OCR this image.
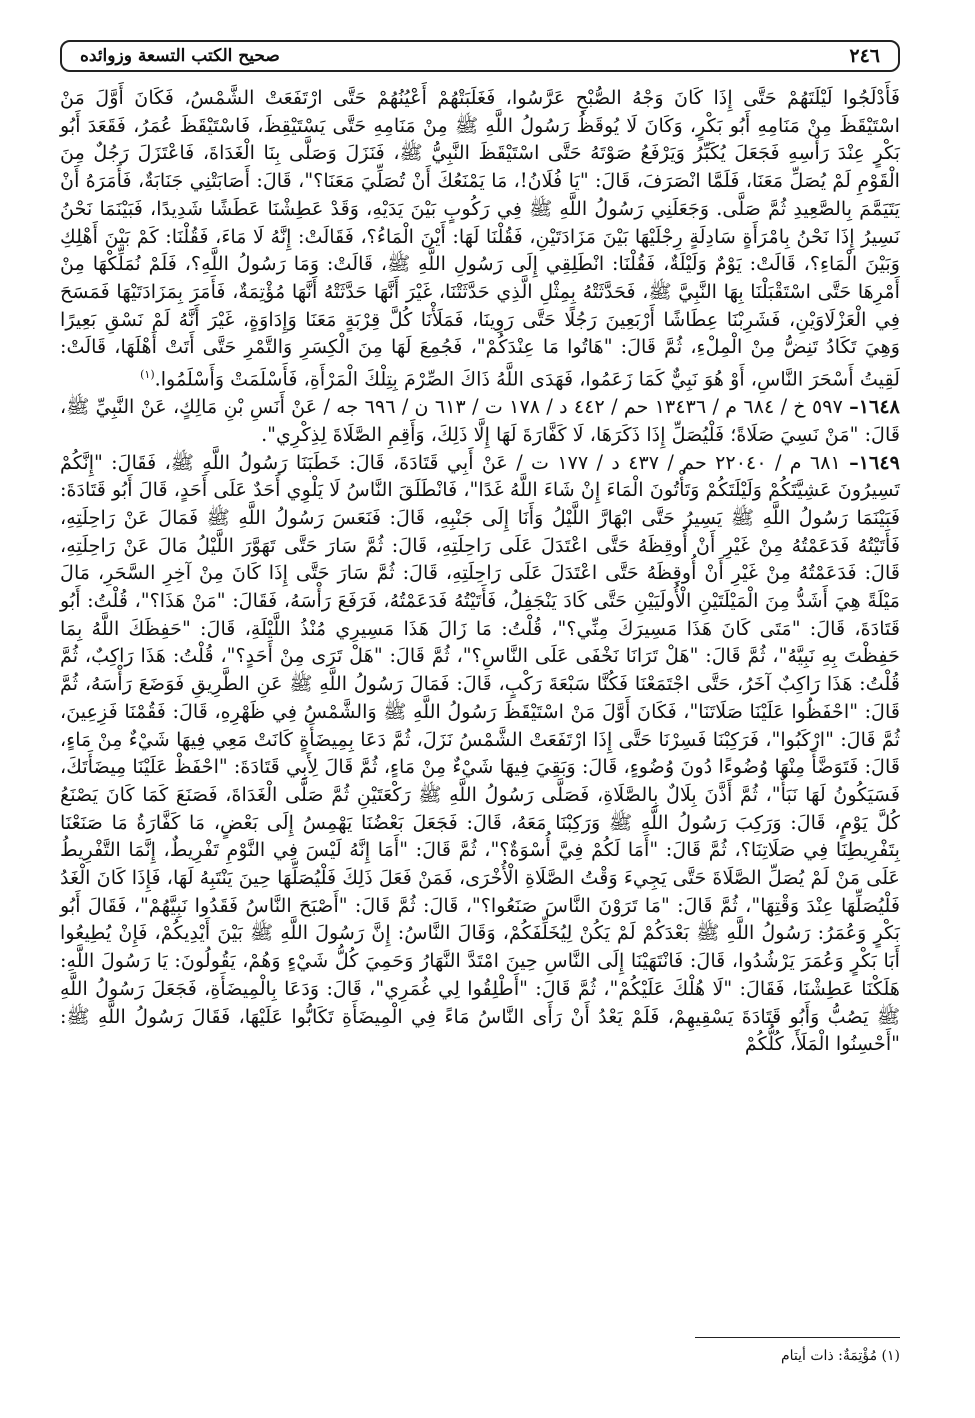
٢٤٦
صحيح الكتب التسعة وزوائده

فَأَدْلَجُوا لَيْلَتَهُمْ حَتَّى إِذَا كَانَ وَجْهُ الصُّبْحِ عَرَّسُوا، فَغَلَبَتْهُمْ أَعْيُنُهُمْ حَتَّى ارْتَفَعَتْ الشَّمْسُ، فَكَانَ أَوَّلَ مَنْ اسْتَيْقَظَ مِنْ مَنَامِهِ أَبُو بَكْرٍ، وَكَانَ لَا يُوقَظُ رَسُولُ اللَّهِ ﷺ مِنْ مَنَامِهِ حَتَّى يَسْتَيْقِظَ، فَاسْتَيْقَظَ عُمَرُ، فَقَعَدَ أَبُو بَكْرٍ عِنْدَ رَأْسِهِ فَجَعَلَ يُكَبِّرُ وَيَرْفَعُ صَوْتَهُ حَتَّى اسْتَيْقَظَ النَّبِيُّ ﷺ، فَنَزَلَ وَصَلَّى بِنَا الْغَدَاةَ، فَاعْتَزَلَ رَجُلٌ مِنَ الْقَوْمِ لَمْ يُصَلِّ مَعَنَا، فَلَمَّا انْصَرَفَ، قَالَ: "يَا فُلَانُ!، مَا يَمْنَعُكَ أَنْ تُصَلِّيَ مَعَنَا؟"، قَالَ: أَصَابَتْنِي جَنَابَةٌ، فَأَمَرَهُ أَنْ يَتَيَمَّمَ بِالصَّعِيدِ ثُمَّ صَلَّى. وَجَعَلَنِي رَسُولُ اللَّهِ ﷺ فِي رَكُوبٍ بَيْنَ يَدَيْهِ، وَقَدْ عَطِشْنَا عَطَشًا شَدِيدًا، فَبَيْنَمَا نَحْنُ نَسِيرُ إِذَا نَحْنُ بِامْرَأَةٍ سَادِلَةٍ رِجْلَيْهَا بَيْنَ مَزَادَتَيْنِ، فَقُلْنَا لَهَا: أَيْنَ الْمَاءُ؟، فَقَالَتْ: إِنَّهُ لَا مَاءَ، فَقُلْنَا: كَمْ بَيْنَ أَهْلِكِ وَبَيْنَ الْمَاءِ؟، قَالَتْ: يَوْمٌ وَلَيْلَةٌ، فَقُلْنَا: انْطَلِقِي إِلَى رَسُولِ اللَّهِ ﷺ، قَالَتْ: وَمَا رَسُولُ اللَّهِ؟، فَلَمْ نُمَلِّكْهَا مِنْ أَمْرِهَا حَتَّى اسْتَقْبَلْنَا بِهَا النَّبِيَّ ﷺ، فَحَدَّثَتْهُ بِمِثْلِ الَّذِي حَدَّثَتْنَا، غَيْرَ أَنَّهَا حَدَّثَتْهُ أَنَّهَا مُؤْتِمَةٌ، فَأَمَرَ بِمَزَادَتَيْهَا فَمَسَحَ فِي الْعَزْلَاوَيْنِ، فَشَرِبْنَا عِطَاشًا أَرْبَعِينَ رَجُلًا حَتَّى رَوِينَا، فَمَلَأْنَا كُلَّ قِرْبَةٍ مَعَنَا وَإِدَاوَةٍ، غَيْرَ أَنَّهُ لَمْ نَسْقِ بَعِيرًا وَهِيَ تَكَادُ تَنِضُّ مِنْ الْمِلْءِ، ثُمَّ قَالَ: "هَاتُوا مَا عِنْدَكُمْ"، فَجُمِعَ لَهَا مِنَ الْكِسَرِ وَالتَّمْرِ حَتَّى أَتَتْ أَهْلَهَا، قَالَتْ: لَقِيتُ أَسْحَرَ النَّاسِ، أَوْ هُوَ نَبِيٌّ كَمَا زَعَمُوا، فَهَدَى اللَّهُ ذَاكَ الصِّرْمَ بِتِلْكَ الْمَرْأَةِ، فَأَسْلَمَتْ وَأَسْلَمُوا.$^{(١)}$

١٦٤٨– ٥٩٧ خ / ٦٨٤ م / ١٣٤٣٦ حم / ٤٤٢ د / ١٧٨ ت / ٦١٣ ن / ٦٩٦ جه / عَنْ أَنَسِ بْنِ مَالِكٍ، عَنْ النَّبِيِّ ﷺ، قَالَ: "مَنْ نَسِيَ صَلَاةً؛ فَلْيُصَلِّ إِذَا ذَكَرَهَا، لَا كَفَّارَةَ لَهَا إِلَّا ذَلِكَ، وَأَقِمِ الصَّلَاةَ لِذِكْرِي".

١٦٤٩– ٦٨١ م / ٢٢٠٤٠ حم / ٤٣٧ د / ١٧٧ ت / عَنْ أَبِي قَتَادَةَ، قَالَ: خَطَبَنَا رَسُولُ اللَّهِ ﷺ، فَقَالَ: "إِنَّكُمْ تَسِيرُونَ عَشِيَّتَكُمْ وَلَيْلَتَكُمْ وَتَأْتُونَ الْمَاءَ إِنْ شَاءَ اللَّهُ غَدًا"، فَانْطَلَقَ النَّاسُ لَا يَلْوِي أَحَدٌ عَلَى أَحَدٍ، قَالَ أَبُو قَتَادَةَ: فَبَيْنَمَا رَسُولُ اللَّهِ ﷺ يَسِيرُ حَتَّى ابْهَارَّ اللَّيْلُ وَأَنَا إِلَى جَنْبِهِ، قَالَ: فَنَعَسَ رَسُولُ اللَّهِ ﷺ فَمَالَ عَنْ رَاحِلَتِهِ، فَأَتَيْتُهُ فَدَعَمْتُهُ مِنْ غَيْرِ أَنْ أُوقِظَهُ حَتَّى اعْتَدَلَ عَلَى رَاحِلَتِهِ، قَالَ: ثُمَّ سَارَ حَتَّى تَهَوَّرَ اللَّيْلُ مَالَ عَنْ رَاحِلَتِهِ، قَالَ: فَدَعَمْتُهُ مِنْ غَيْرِ أَنْ أُوقِظَهُ حَتَّى اعْتَدَلَ عَلَى رَاحِلَتِهِ، قَالَ: ثُمَّ سَارَ حَتَّى إِذَا كَانَ مِنْ آخِرِ السَّحَرِ، مَالَ مَيْلَةً هِيَ أَشَدُّ مِنَ الْمَيْلَتَيْنِ الْأُولَيَيْنِ حَتَّى كَادَ يَنْجَفِلُ، فَأَتَيْتُهُ فَدَعَمْتُهُ، فَرَفَعَ رَأْسَهُ، فَقَالَ: "مَنْ هَذَا؟"، قُلْتُ: أَبُو قَتَادَةَ، قَالَ: "مَتَى كَانَ هَذَا مَسِيرَكَ مِنِّي؟"، قُلْتُ: مَا زَالَ هَذَا مَسِيرِي مُنْذُ اللَّيْلَةِ، قَالَ: "حَفِظَكَ اللَّهُ بِمَا حَفِظْتَ بِهِ نَبِيَّهُ"، ثُمَّ قَالَ: "هَلْ تَرَانَا نَخْفَى عَلَى النَّاسِ؟"، ثُمَّ قَالَ: "هَلْ تَرَى مِنْ أَحَدٍ؟"، قُلْتُ: هَذَا رَاكِبٌ، ثُمَّ قُلْتُ: هَذَا رَاكِبٌ آخَرُ، حَتَّى اجْتَمَعْنَا فَكُنَّا سَبْعَةَ رَكْبٍ، قَالَ: فَمَالَ رَسُولُ اللَّهِ ﷺ عَنِ الطَّرِيقِ فَوَضَعَ رَأْسَهُ، ثُمَّ قَالَ: "احْفَظُوا عَلَيْنَا صَلَاتَنَا"، فَكَانَ أَوَّلَ مَنْ اسْتَيْقَظَ رَسُولُ اللَّهِ ﷺ وَالشَّمْسُ فِي ظَهْرِهِ، قَالَ: فَقُمْنَا فَزِعِينَ، ثُمَّ قَالَ: "ارْكَبُوا"، فَرَكِبْنَا فَسِرْنَا حَتَّى إِذَا ارْتَفَعَتْ الشَّمْسُ نَزَلَ، ثُمَّ دَعَا بِمِيضَأَةٍ كَانَتْ مَعِي فِيهَا شَيْءٌ مِنْ مَاءٍ، قَالَ: فَتَوَضَّأَ مِنْهَا وُضُوءًا دُونَ وُضُوءٍ، قَالَ: وَبَقِيَ فِيهَا شَيْءٌ مِنْ مَاءٍ، ثُمَّ قَالَ لِأَبِي قَتَادَةَ: "احْفَظْ عَلَيْنَا مِيضَأَتَكَ، فَسَيَكُونُ لَهَا نَبَأٌ"، ثُمَّ أَذَّنَ بِلَالٌ بِالصَّلَاةِ، فَصَلَّى رَسُولُ اللَّهِ ﷺ رَكْعَتَيْنِ ثُمَّ صَلَّى الْغَدَاةَ، فَصَنَعَ كَمَا كَانَ يَصْنَعُ كُلَّ يَوْمٍ، قَالَ: وَرَكِبَ رَسُولُ اللَّهِ ﷺ وَرَكِبْنَا مَعَهُ، قَالَ: فَجَعَلَ بَعْضُنَا يَهْمِسُ إِلَى بَعْضٍ، مَا كَفَّارَةُ مَا صَنَعْنَا بِتَفْرِيطِنَا فِي صَلَاتِنَا؟، ثُمَّ قَالَ: "أَمَا لَكُمْ فِيَّ أُسْوَةٌ؟"، ثُمَّ قَالَ: "أَمَا إِنَّهُ لَيْسَ فِي النَّوْمِ تَفْرِيطٌ، إِنَّمَا التَّفْرِيطُ عَلَى مَنْ لَمْ يُصَلِّ الصَّلَاةَ حَتَّى يَجِيءَ وَقْتُ الصَّلَاةِ الْأُخْرَى، فَمَنْ فَعَلَ ذَلِكَ فَلْيُصَلِّهَا حِينَ يَنْتَبِهُ لَهَا، فَإِذَا كَانَ الْغَدُ فَلْيُصَلِّهَا عِنْدَ وَقْتِهَا"، ثُمَّ قَالَ: "مَا تَرَوْنَ النَّاسَ صَنَعُوا؟"، قَالَ: ثُمَّ قَالَ: "أَصْبَحَ النَّاسُ فَقَدُوا نَبِيَّهُمْ"، فَقَالَ أَبُو بَكْرٍ وَعُمَرُ: رَسُولُ اللَّهِ ﷺ بَعْدَكُمْ لَمْ يَكُنْ لِيُخَلِّفَكُمْ، وَقَالَ النَّاسُ: إِنَّ رَسُولَ اللَّهِ ﷺ بَيْنَ أَيْدِيكُمْ، فَإِنْ يُطِيعُوا أَبَا بَكْرٍ وَعُمَرَ يَرْشُدُوا، قَالَ: فَانْتَهَيْنَا إِلَى النَّاسِ حِينَ امْتَدَّ النَّهَارُ وَحَمِيَ كُلُّ شَيْءٍ وَهُمْ، يَقُولُونَ: يَا رَسُولَ اللَّهِ: هَلَكْنَا عَطِشْنَا، فَقَالَ: "لَا هُلْكَ عَلَيْكُمْ"، ثُمَّ قَالَ: "أَطْلِقُوا لِي غُمَرِي"، قَالَ: وَدَعَا بِالْمِيضَأَةِ، فَجَعَلَ رَسُولُ اللَّهِ ﷺ يَصُبُّ وَأَبُو قَتَادَةَ يَسْقِيهِمْ، فَلَمْ يَعْدُ أَنْ رَأَى النَّاسُ مَاءً فِي الْمِيضَأَةِ تَكَابُّوا عَلَيْهَا، فَقَالَ رَسُولُ اللَّهِ ﷺ: "أَحْسِنُوا الْمَلَأَ، كُلُّكُمْ

(١) مُؤْتِمَةٌ: ذات أيتام
